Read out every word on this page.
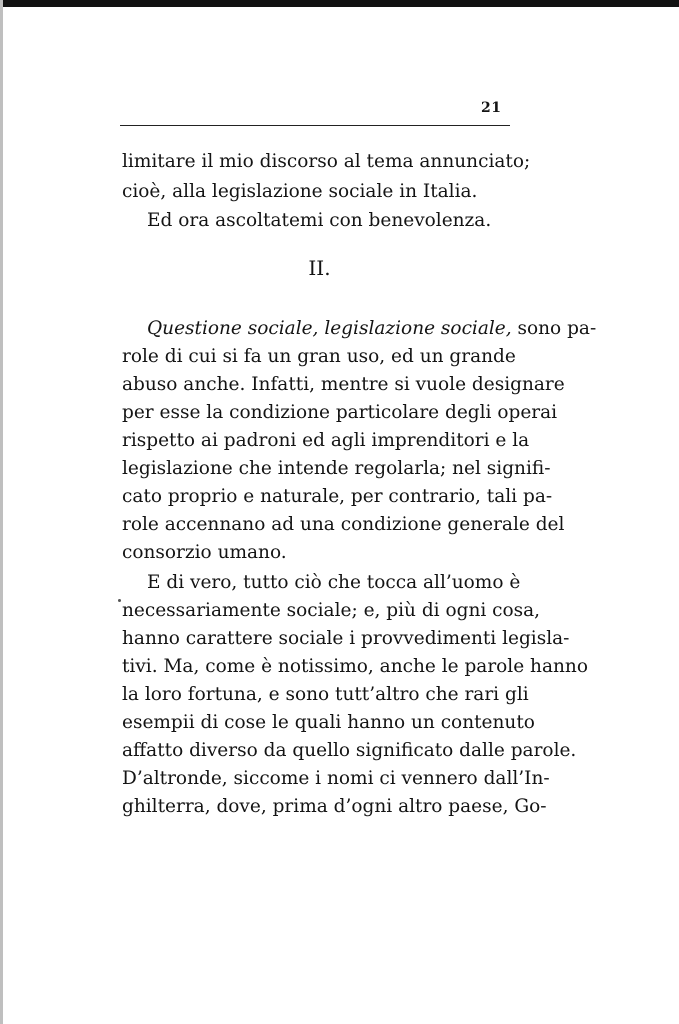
21
limitare il mio discorso al tema annunciato;
cioè, alla legislazione sociale in Italia.
Ed ora ascoltatemi con benevolenza.
II.
Questione sociale, legislazione sociale, sono pa-
role di cui si fa un gran uso, ed un grande
abuso anche. Infatti, mentre si vuole designare
per esse la condizione particolare degli operai
rispetto ai padroni ed agli imprenditori e la
legislazione che intende regolarla; nel signifi-
cato proprio e naturale, per contrario, tali pa-
role accennano ad una condizione generale del
consorzio umano.
E di vero, tutto ciò che tocca all’uomo è
necessariamente sociale; e, più di ogni cosa,
hanno carattere sociale i provvedimenti legisla-
tivi. Ma, come è notissimo, anche le parole hanno
la loro fortuna, e sono tutt’altro che rari gli
esempii di cose le quali hanno un contenuto
affatto diverso da quello significato dalle parole.
D’altronde, siccome i nomi ci vennero dall’In-
ghilterra, dove, prima d’ogni altro paese, Go-
